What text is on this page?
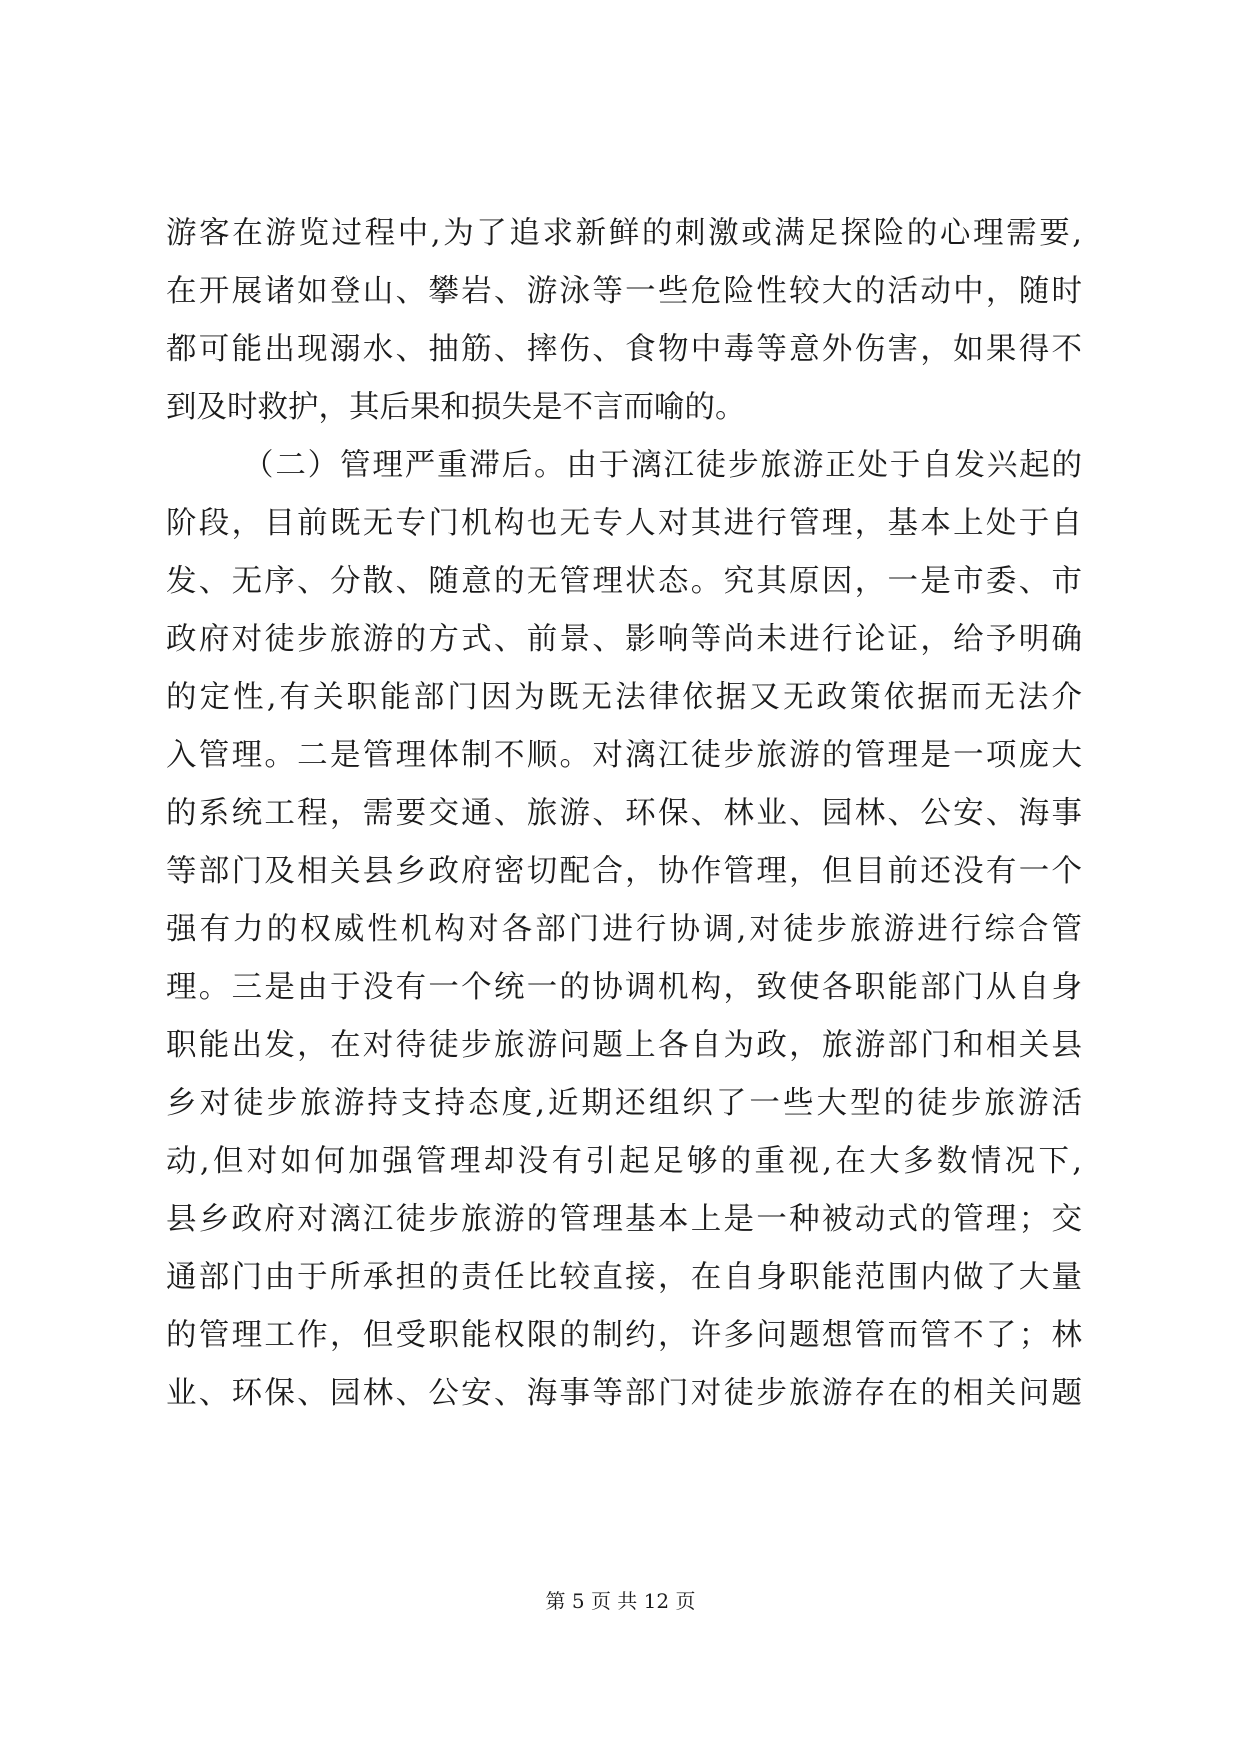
游客在游览过程中,为了追求新鲜的刺激或满足探险的心理需要,
在开展诸如登山、攀岩、游泳等一些危险性较大的活动中，随时
都可能出现溺水、抽筋、摔伤、食物中毒等意外伤害，如果得不
到及时救护，其后果和损失是不言而喻的。
（二）管理严重滞后。由于漓江徒步旅游正处于自发兴起的
阶段，目前既无专门机构也无专人对其进行管理，基本上处于自
发、无序、分散、随意的无管理状态。究其原因，一是市委、市
政府对徒步旅游的方式、前景、影响等尚未进行论证，给予明确
的定性,有关职能部门因为既无法律依据又无政策依据而无法介
入管理。二是管理体制不顺。对漓江徒步旅游的管理是一项庞大
的系统工程，需要交通、旅游、环保、林业、园林、公安、海事
等部门及相关县乡政府密切配合，协作管理，但目前还没有一个
强有力的权威性机构对各部门进行协调,对徒步旅游进行综合管
理。三是由于没有一个统一的协调机构，致使各职能部门从自身
职能出发，在对待徒步旅游问题上各自为政，旅游部门和相关县
乡对徒步旅游持支持态度,近期还组织了一些大型的徒步旅游活
动,但对如何加强管理却没有引起足够的重视,在大多数情况下,
县乡政府对漓江徒步旅游的管理基本上是一种被动式的管理；交
通部门由于所承担的责任比较直接，在自身职能范围内做了大量
的管理工作，但受职能权限的制约，许多问题想管而管不了；林
业、环保、园林、公安、海事等部门对徒步旅游存在的相关问题
第 5 页 共 12 页
